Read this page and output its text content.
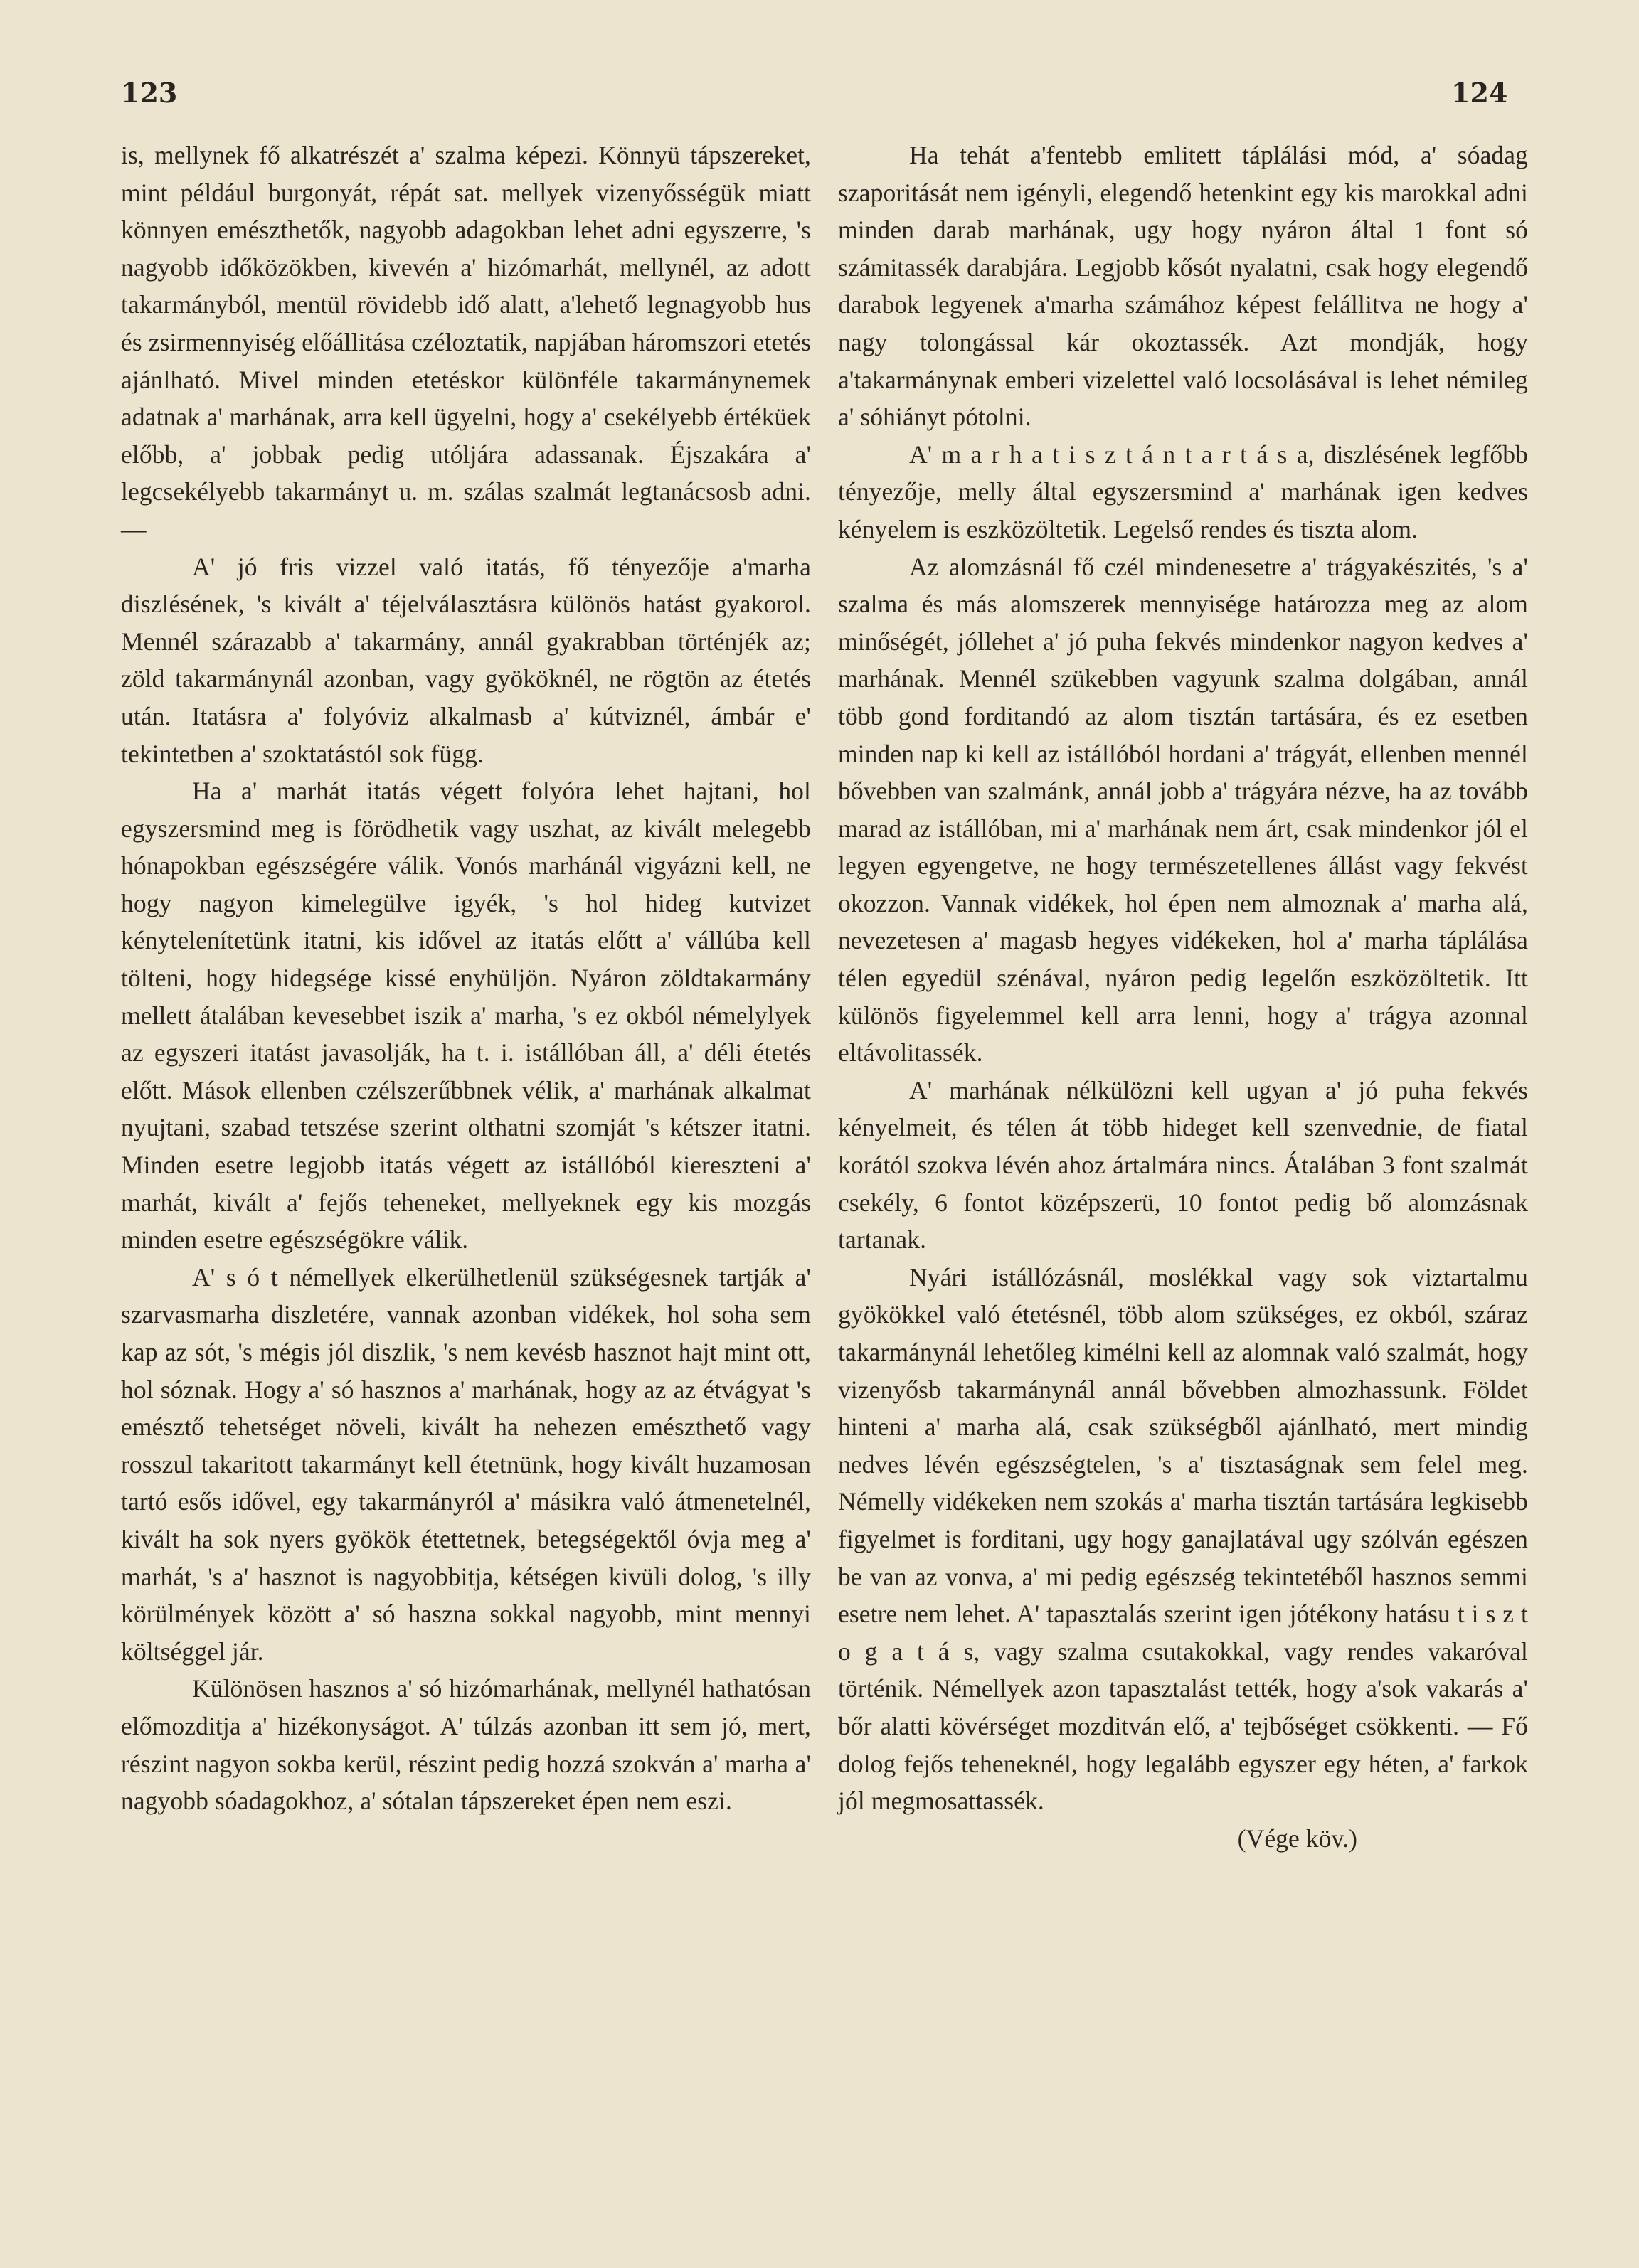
123	124

is, mellynek fő alkatrészét a' szalma képezi. Könnyü tápszereket, mint például burgonyát, répát sat. mellyek vizenyősségük miatt könnyen emészthetők, nagyobb adagokban lehet adni egyszerre, 's nagyobb időközökben, kivevén a' hizómarhát, mellynél, az adott takarmányból, mentül rövidebb idő alatt, a'lehető legnagyobb hus és zsirmennyiség előállitása czéloztatik, napjában háromszori etetés ajánlható. Mivel minden etetéskor különféle takarmánynemek adatnak a' marhának, arra kell ügyelni, hogy a' csekélyebb értéküek előbb, a' jobbak pedig utóljára adassanak. Éjszakára a' legcsekélyebb takarmányt u. m. szálas szalmát legtanácsosb adni. —

A' jó fris vizzel való itatás, fő tényezője a'marha diszlésének, 's kivált a' téjelválasztásra különös hatást gyakorol. Mennél szárazabb a' takarmány, annál gyakrabban történjék az; zöld takarmánynál azonban, vagy gyököknél, ne rögtön az étetés után. Itatásra a' folyóviz alkalmasb a' kútviznél, ámbár e' tekintetben a' szoktatástól sok függ.

Ha a' marhát itatás végett folyóra lehet hajtani, hol egyszersmind meg is förödhetik vagy uszhat, az kivált melegebb hónapokban egészségére válik. Vonós marhánál vigyázni kell, ne hogy nagyon kimelegülve igyék, 's hol hideg kutvizet kénytelenítetünk itatni, kis idővel az itatás előtt a' vállúba kell tölteni, hogy hidegsége kissé enyhüljön. Nyáron zöldtakarmány mellett átalában kevesebbet iszik a' marha, 's ez okból némelylyek az egyszeri itatást javasolják, ha t. i. istállóban áll, a' déli étetés előtt. Mások ellenben czélszerűbbnek vélik, a' marhának alkalmat nyujtani, szabad tetszése szerint olthatni szomját 's kétszer itatni. Minden esetre legjobb itatás végett az istállóból kiereszteni a' marhát, kivált a' fejős teheneket, mellyeknek egy kis mozgás minden esetre egészségökre válik.

A' s ó t némellyek elkerülhetlenül szükségesnek tartják a' szarvasmarha diszletére, vannak azonban vidékek, hol soha sem kap az sót, 's mégis jól diszlik, 's nem kevésb hasznot hajt mint ott, hol sóznak. Hogy a' só hasznos a' marhának, hogy az az étvágyat 's emésztő tehetséget növeli, kivált ha nehezen emészthető vagy rosszul takaritott takarmányt kell étetnünk, hogy kivált huzamosan tartó esős idővel, egy takarmányról a' másikra való átmenetelnél, kivált ha sok nyers gyökök étettetnek, betegségektől óvja meg a' marhát, 's a' hasznot is nagyobbitja, kétségen kivüli dolog, 's illy körülmények között a' só haszna sokkal nagyobb, mint mennyi költséggel jár.

Különösen hasznos a' só hizómarhának, mellynél hathatósan előmozditja a' hizékonyságot. A' túlzás azonban itt sem jó, mert, részint nagyon sokba kerül, részint pedig hozzá szokván a' marha a' nagyobb sóadagokhoz, a' sótalan tápszereket épen nem eszi.

Ha tehát a'fentebb emlitett táplálási mód, a' sóadag szaporitását nem igényli, elegendő hetenkint egy kis marokkal adni minden darab marhának, ugy hogy nyáron által 1 font só számitassék darabjára. Legjobb kősót nyalatni, csak hogy elegendő darabok legyenek a'marha számához képest felállitva ne hogy a' nagy tolongással kár okoztassék. Azt mondják, hogy a'takarmánynak emberi vizelettel való locsolásával is lehet némileg a' sóhiányt pótolni.

A' m a r h a t i s z t á n t a r t á s a, diszlésének legfőbb tényezője, melly által egyszersmind a' marhának igen kedves kényelem is eszközöltetik. Legelső rendes és tiszta alom.

Az alomzásnál fő czél mindenesetre a' trágyakészités, 's a' szalma és más alomszerek mennyisége határozza meg az alom minőségét, jóllehet a' jó puha fekvés mindenkor nagyon kedves a' marhának. Mennél szükebben vagyunk szalma dolgában, annál több gond forditandó az alom tisztán tartására, és ez esetben minden nap ki kell az istállóból hordani a' trágyát, ellenben mennél bővebben van szalmánk, annál jobb a' trágyára nézve, ha az tovább marad az istállóban, mi a' marhának nem árt, csak mindenkor jól el legyen egyengetve, ne hogy természetellenes állást vagy fekvést okozzon. Vannak vidékek, hol épen nem almoznak a' marha alá, nevezetesen a' magasb hegyes vidékeken, hol a' marha táplálása télen egyedül szénával, nyáron pedig legelőn eszközöltetik. Itt különös figyelemmel kell arra lenni, hogy a' trágya azonnal eltávolitassék.

A' marhának nélkülözni kell ugyan a' jó puha fekvés kényelmeit, és télen át több hideget kell szenvednie, de fiatal korától szokva lévén ahoz ártalmára nincs. Átalában 3 font szalmát csekély, 6 fontot középszerü, 10 fontot pedig bő alomzásnak tartanak.

Nyári istállózásnál, moslékkal vagy sok viztartalmu gyökökkel való étetésnél, több alom szükséges, ez okból, száraz takarmánynál lehetőleg kimélni kell az alomnak való szalmát, hogy vizenyősb takarmánynál annál bővebben almozhassunk. Földet hinteni a' marha alá, csak szükségből ajánlható, mert mindig nedves lévén egészségtelen, 's a' tisztaságnak sem felel meg. Némelly vidékeken nem szokás a' marha tisztán tartására legkisebb figyelmet is forditani, ugy hogy ganajlatával ugy szólván egészen be van az vonva, a' mi pedig egészség tekintetéből hasznos semmi esetre nem lehet. A' tapasztalás szerint igen jótékony hatásu t i s z t o g a t á s, vagy szalma csutakokkal, vagy rendes vakaróval történik. Némellyek azon tapasztalást tették, hogy a'sok vakarás a' bőr alatti kövérséget mozditván elő, a' tejbőséget csökkenti. — Fő dolog fejős teheneknél, hogy legalább egyszer egy héten, a' farkok jól megmosattassék.

(Vége köv.)
